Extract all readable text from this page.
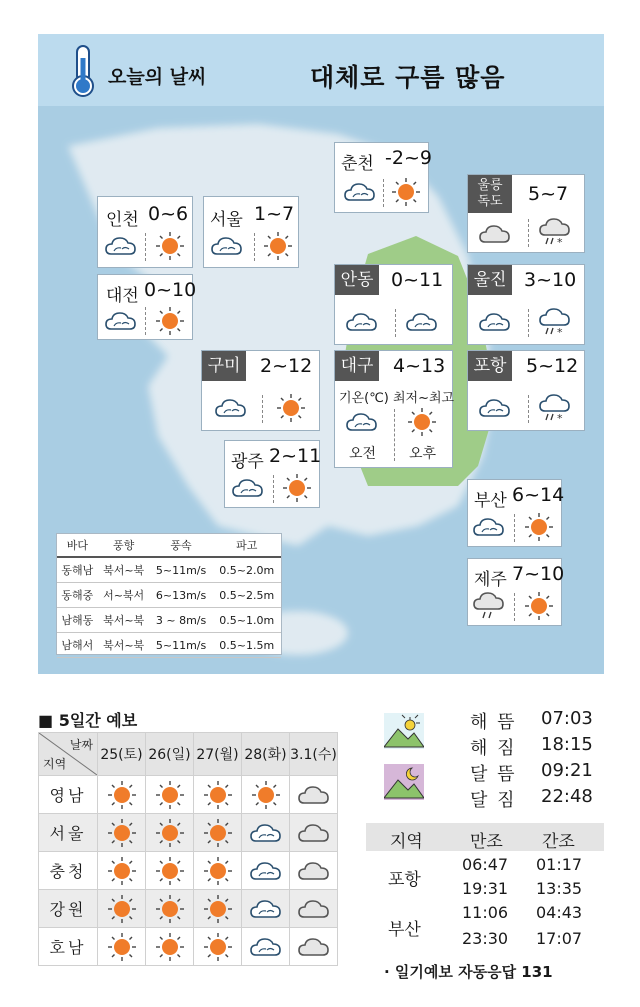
오늘의 날씨	대체로 구름 많음
춘천 -2~9
인천 0~6 서울 1~7
대전 0~10
울릉
독도	5~7
*
안동 0~11	울진 3~10
*
구미 2~12	대구 4~13
기온(℃) 최저~최고
오전 오후
포항 5~12
*
광주 2~11
부산 6~14
제주 7~10
바다	풍향	풍속	파고
동해남	북서~북	5~11m/s	0.5~2.0m
동해중	서~북서	6~13m/s	0.5~2.5m
남해동	북서~북	3 ~ 8m/s	0.5~1.0m
남해서	북서~북	5~11m/s	0.5~1.5m
■ 5일간 예보
날짜
지역	25(토)	26(일)	27(월)	28(화)	3.1(수)
영남	

서울	

충청	

강원	

호남	

해 뜸 07:03
해 짐 18:15
달 뜸 09:21
달 짐 22:48
지역	만조 간조
포항
06:47 01:17
19:31 13:35
부산
11:06 04:43
23:30 17:07
· 일기예보 자동응답 131
